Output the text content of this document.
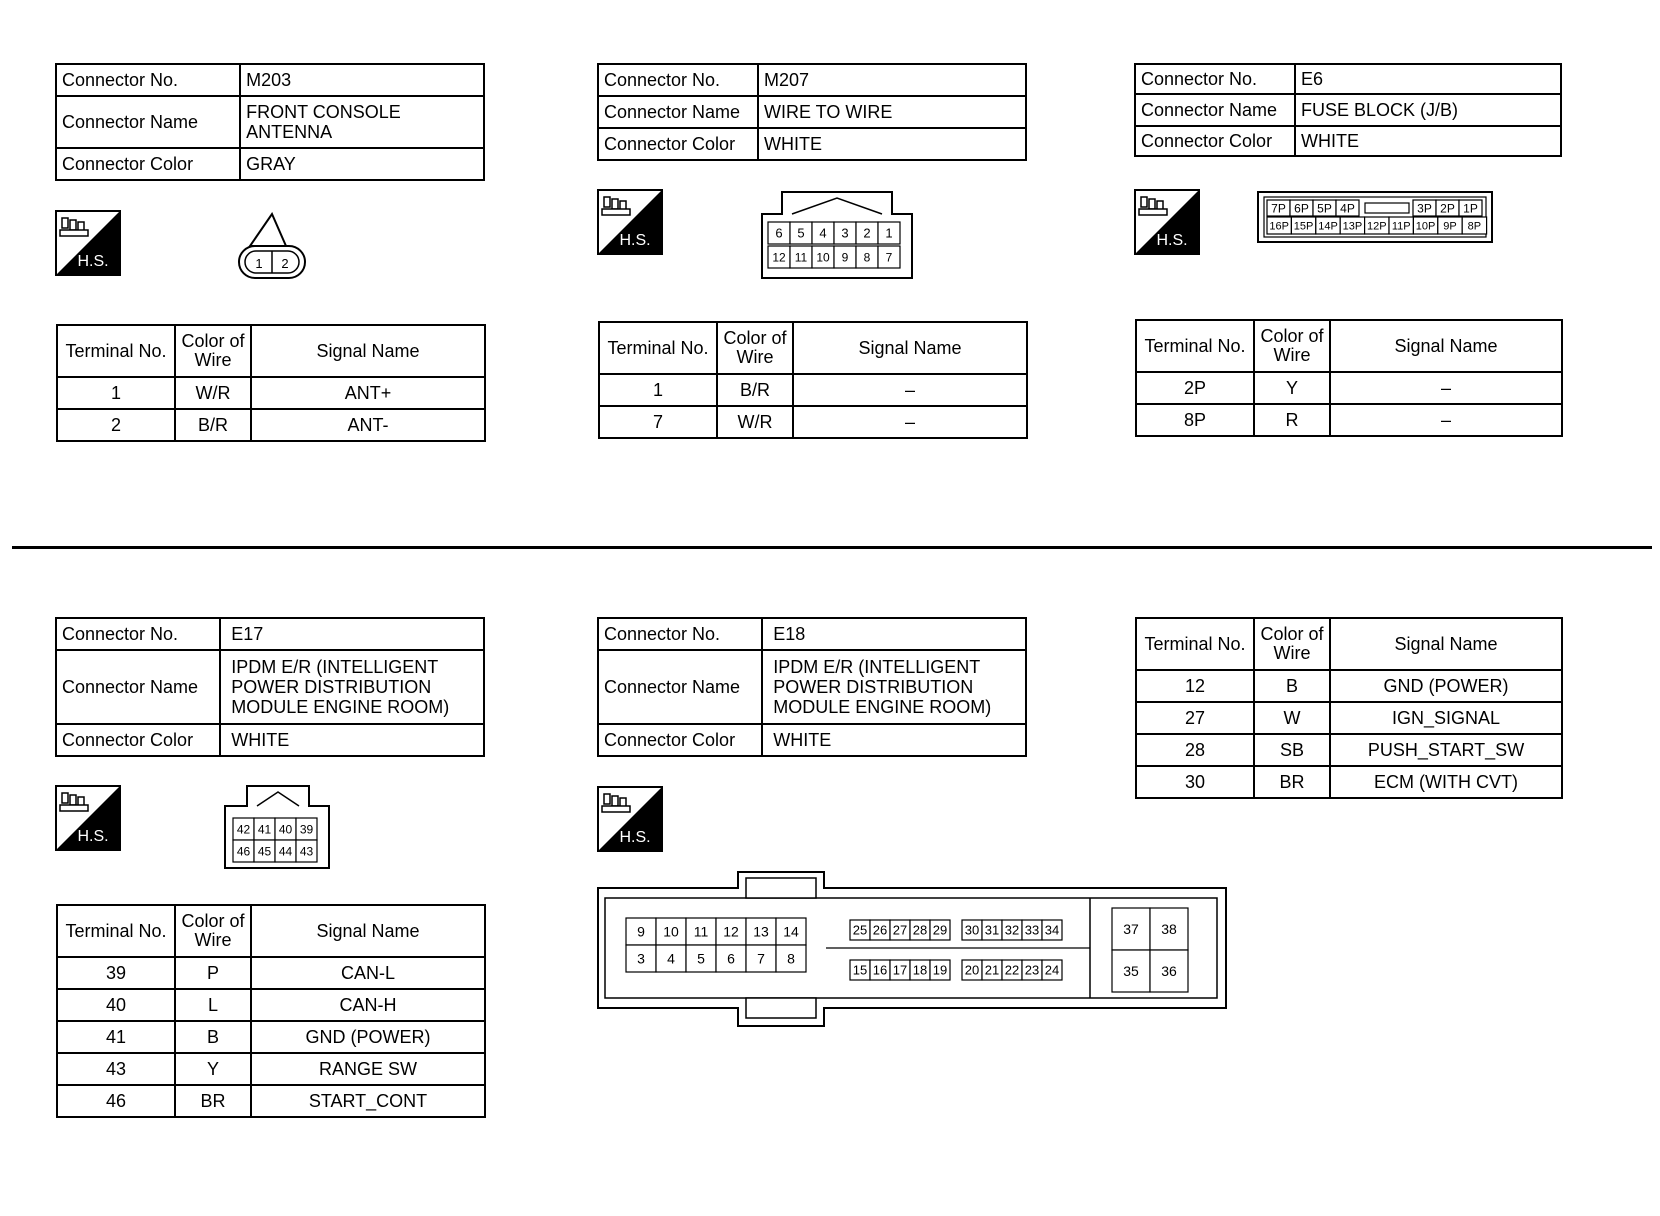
Connector No.	M203
Connector Name	FRONT CONSOLE ANTENNA
Connector Color	GRAY
H.S.	1 2
Terminal No.	Color of Wire	Signal Name
1	W/R	ANT+
2	B/R	ANT-
Connector No.	M207
Connector Name	WIRE TO WIRE
Connector Color	WHITE
H.S.	6 5 4 3 2 1
12 11 10 9 8 7
Terminal No.	Color of Wire	Signal Name
1	B/R	–
7	W/R	–
Connector No.	E6
Connector Name	FUSE BLOCK (J/B)
Connector Color	WHITE
H.S.
7P 6P 5P 4P	3P 2P 1P
16P 15P 14P 13P 12P 11P 10P 9P 8P
Terminal No.	Color of Wire	Signal Name
2P	Y	–
8P	R	–
Connector No.	E17
Connector Name	IPDM E/R (INTELLIGENT POWER DISTRIBUTION MODULE ENGINE ROOM)
Connector Color	WHITE
H.S.	42 41 40 39
46 45 44 43
Terminal No.	Color of Wire	Signal Name
39	P	CAN-L
40	L	CAN-H
41	B	GND (POWER)
43	Y	RANGE SW
46	BR	START_CONT
Connector No.	E18
Connector Name	IPDM E/R (INTELLIGENT POWER DISTRIBUTION MODULE ENGINE ROOM)
Connector Color	WHITE
H.S.
9 10 11 12 13 14
3 4 5 6 7 8
25 26 27 28 29 30 31 32 33 34
15 16 17 18 19 20 21 22 23 24
37 38
35 36
Terminal No.	Color of Wire	Signal Name
12	B	GND (POWER)
27	W	IGN_SIGNAL
28	SB	PUSH_START_SW
30	BR	ECM (WITH CVT)
